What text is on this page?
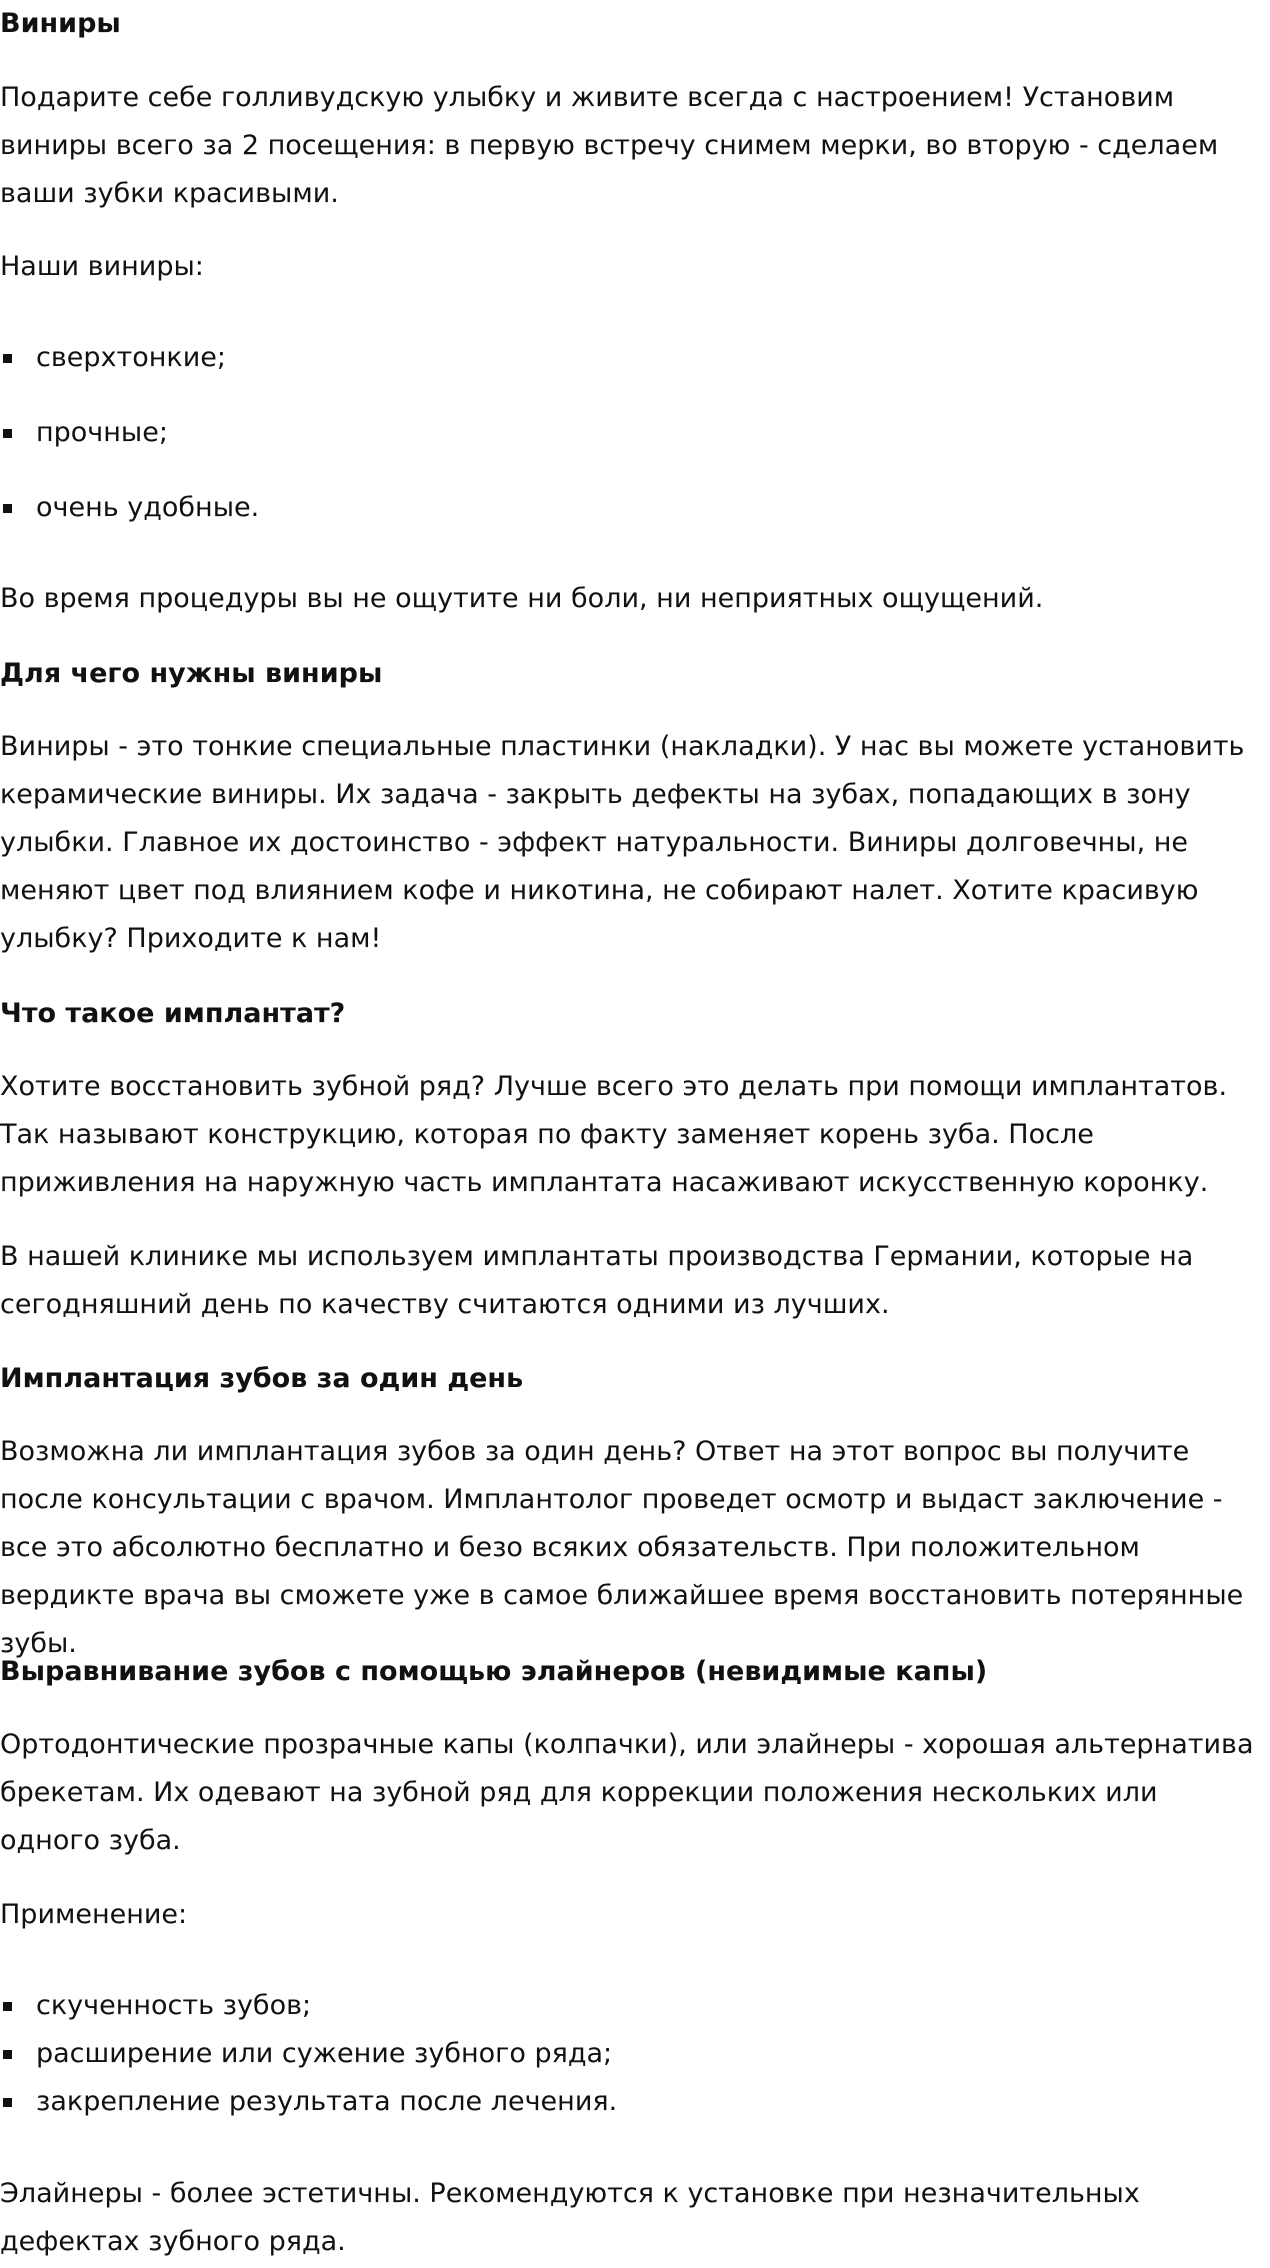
Виниры

Подарите себе голливудскую улыбку и живите всегда с настроением! Установим виниры всего за 2 посещения: в первую встречу снимем мерки, во вторую - сделаем ваши зубки красивыми.

Наши виниры:

сверхтонкие;
прочные;
очень удобные.

Во время процедуры вы не ощутите ни боли, ни неприятных ощущений.

Для чего нужны виниры

Виниры - это тонкие специальные пластинки (накладки). У нас вы можете установить керамические виниры. Их задача - закрыть дефекты на зубах, попадающих в зону улыбки. Главное их достоинство - эффект натуральности. Виниры долговечны, не меняют цвет под влиянием кофе и никотина, не собирают налет. Хотите красивую улыбку? Приходите к нам!

Что такое имплантат?

Хотите восстановить зубной ряд? Лучше всего это делать при помощи имплантатов. Так называют конструкцию, которая по факту заменяет корень зуба. После приживления на наружную часть имплантата насаживают искусственную коронку.

В нашей клинике мы используем имплантаты производства Германии, которые на сегодняшний день по качеству считаются одними из лучших.

Имплантация зубов за один день

Возможна ли имплантация зубов за один день? Ответ на этот вопрос вы получите после консультации с врачом. Имплантолог проведет осмотр и выдаст заключение - все это абсолютно бесплатно и безо всяких обязательств. При положительном вердикте врача вы сможете уже в самое ближайшее время восстановить потерянные зубы.

Выравнивание зубов с помощью элайнеров (невидимые капы)

Ортодонтические прозрачные капы (колпачки), или элайнеры - хорошая альтернатива брекетам. Их одевают на зубной ряд для коррекции положения нескольких или одного зуба.

Применение:

скученность зубов;
расширение или сужение зубного ряда;
закрепление результата после лечения.

Элайнеры - более эстетичны. Рекомендуются к установке при незначительных дефектах зубного ряда.
